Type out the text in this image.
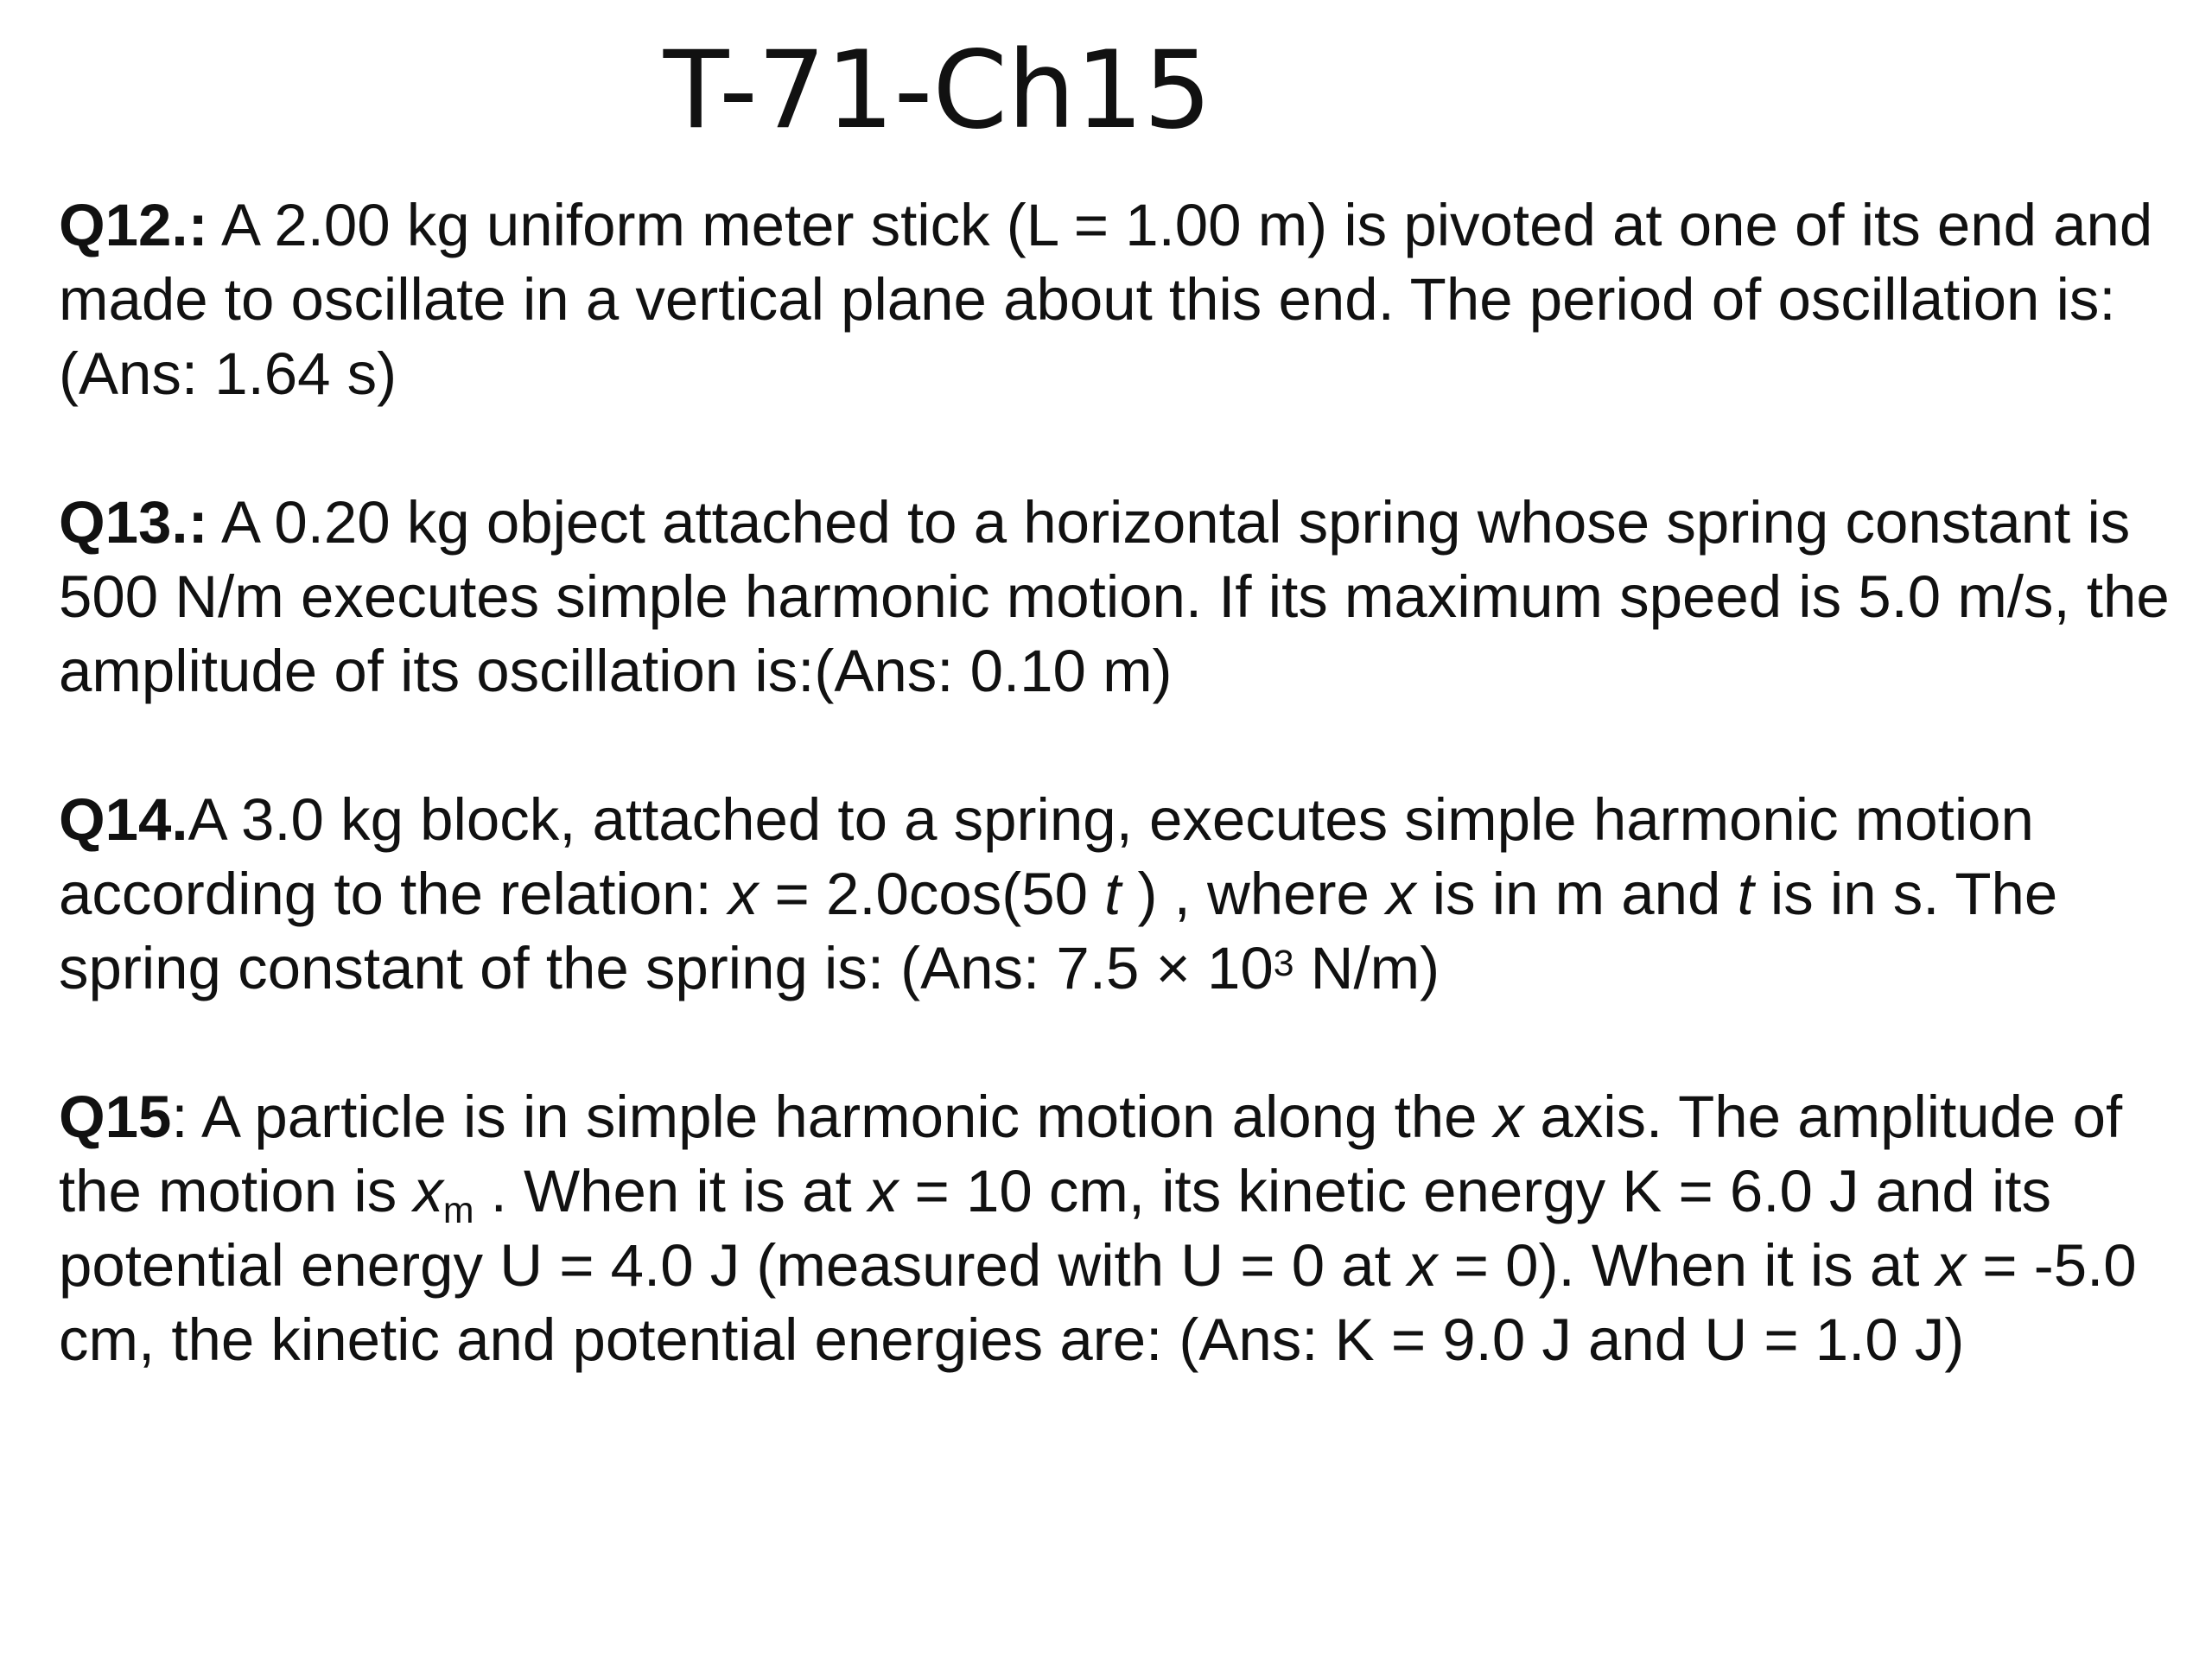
T-71-Ch15

Q12.: A 2.00 kg uniform meter stick (L = 1.00 m) is pivoted at one of its end and made to oscillate in a vertical plane about this end. The period of oscillation is: (Ans: 1.64 s)

Q13.: A 0.20 kg object attached to a horizontal spring whose spring constant is 500 N/m executes simple harmonic motion. If its maximum speed is 5.0 m/s, the amplitude of its oscillation is:(Ans: 0.10 m)

Q14.A 3.0 kg block, attached to a spring, executes simple harmonic motion according to the relation: x = 2.0cos(50 t ) , where x is in m and t is in s. The spring constant of the spring is: (Ans: $7.5 \times 10^3$ N/m)

Q15: A particle is in simple harmonic motion along the x axis. The amplitude of the motion is $x_m$ . When it is at x = 10 cm, its kinetic energy K = 6.0 J and its potential energy U = 4.0 J (measured with U = 0 at x = 0). When it is at x = -5.0 cm, the kinetic and potential energies are: (Ans: K = 9.0 J and U = 1.0 J)
